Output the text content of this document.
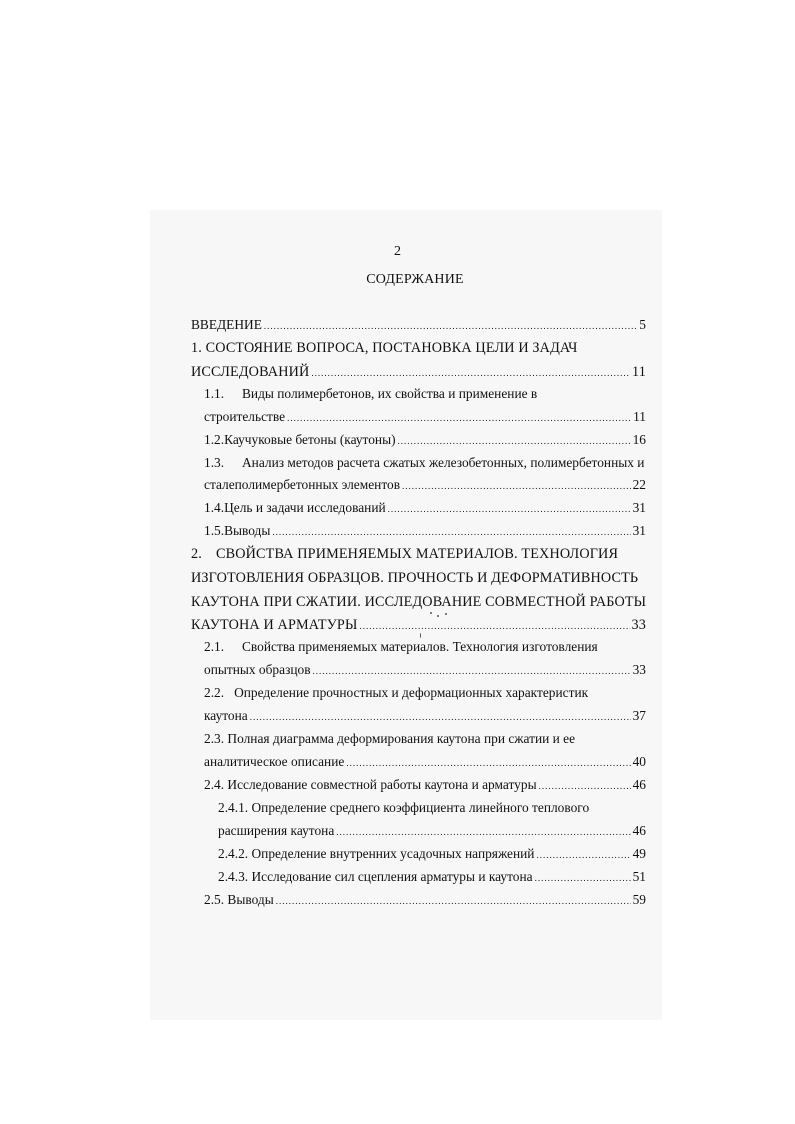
2
СОДЕРЖАНИЕ
ВВЕДЕНИЕ .....	5
1. СОСТОЯНИЕ ВОПРОСА, ПОСТАНОВКА ЦЕЛИ И ЗАДАЧ
ИССЛЕДОВАНИЙ .....	11
1.1.	Виды полимербетонов, их свойства и применение в
строительстве .....	11
1.2. Каучуковые бетоны (каутоны) .....	16
1.3.	Анализ методов расчета сжатых железобетонных, полимербетонных и
сталеполимербетонных элементов .....	22
1.4. Цель и задачи исследований .....	31
1.5. Выводы .....	31
2. СВОЙСТВА ПРИМЕНЯЕМЫХ МАТЕРИАЛОВ. ТЕХНОЛОГИЯ
ИЗГОТОВЛЕНИЯ ОБРАЗЦОВ. ПРОЧНОСТЬ И ДЕФОРМАТИВНОСТЬ
КАУТОНА ПРИ СЖАТИИ. ИССЛЕДОВАНИЕ СОВМЕСТНОЙ РАБОТЫ
КАУТОНА И АРМАТУРЫ .....	33
2.1.	Свойства применяемых материалов. Технология изготовления
опытных образцов .....	33
2.2. Определение прочностных и деформационных характеристик
каутона .....	37
2.3. Полная диаграмма деформирования каутона при сжатии и ее
аналитическое описание .....	40
2.4. Исследование совместной работы каутона и арматуры .....	46
2.4.1. Определение среднего коэффициента линейного теплового
расширения каутона .....	46
2.4.2. Определение внутренних усадочных напряжений .....	49
2.4.3. Исследование сил сцепления арматуры и каутона .....	51
2.5. Выводы .....	59
